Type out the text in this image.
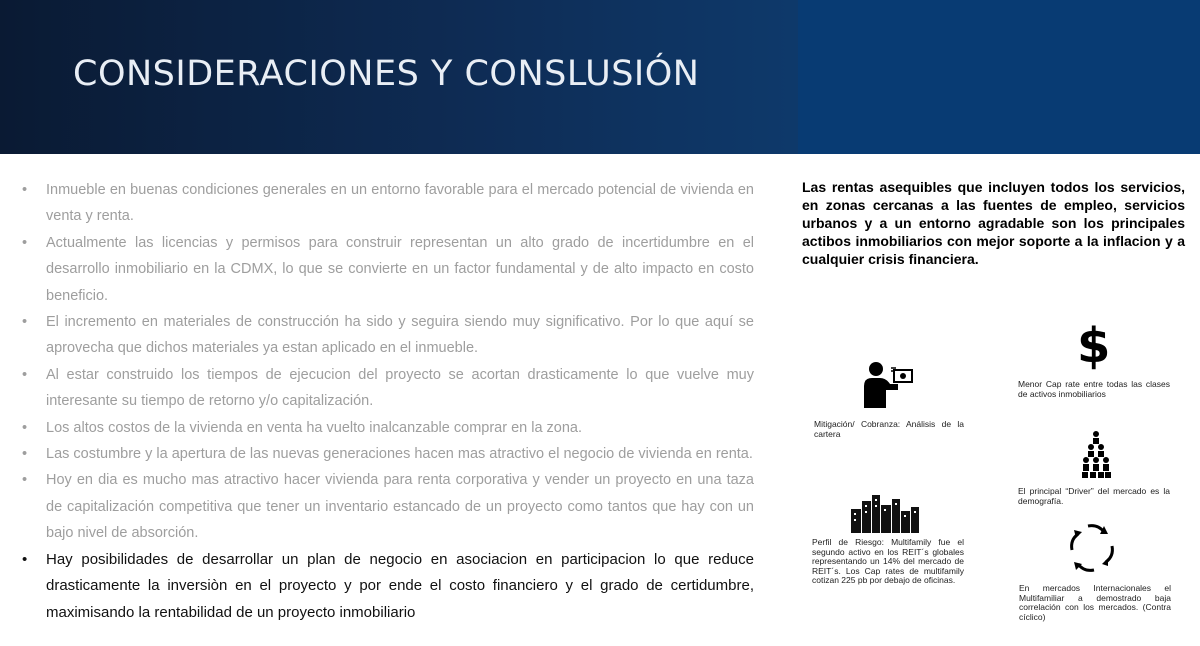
CONSIDERACIONES Y CONSLUSIÓN
• Inmueble en buenas condiciones generales en un entorno favorable para el mercado potencial de vivienda en venta y renta.
• Actualmente las licencias y permisos para construir representan un alto grado de incertidumbre en el desarrollo inmobiliario en la CDMX, lo que se convierte en un factor fundamental y de alto impacto en costo beneficio.
• El incremento en materiales de construcción ha sido y seguira siendo muy significativo. Por lo que aquí se aprovecha que dichos materiales ya estan aplicado en el inmueble.
• Al estar construido los tiempos de ejecucion del proyecto se acortan drasticamente lo que vuelve muy interesante su tiempo de retorno y/o capitalización.
• Los altos costos de la vivienda en venta ha vuelto inalcanzable comprar en la zona.
• Las costumbre y la apertura de las nuevas generaciones hacen mas atractivo el negocio de vivienda en renta.
• Hoy en dia es mucho mas atractivo hacer vivienda para renta corporativa y vender un proyecto en una taza de capitalización competitiva que tener un inventario estancado de un proyecto como tantos que hay con un bajo nivel de absorción.
• Hay posibilidades de desarrollar un plan de negocio en asociacion en participacion lo que reduce drasticamente la inversiòn en el proyecto y por ende el costo financiero y el grado de certidumbre, maximisando la rentabilidad de un proyecto inmobiliario

Las rentas asequibles que incluyen todos los servicios, en zonas cercanas a las fuentes de empleo, servicios urbanos y a un entorno agradable son los principales actibos inmobiliarios con mejor soporte a la inflacion y a cualquier crisis financiera.

$

Menor Cap rate entre todas las clases de activos inmobiliarios

Mitigación/ Cobranza: Análisis de la cartera

El principal “Driver” del mercado es la demografía.

Perfil de Riesgo: Multifamily fue el segundo activo en los REIT´s globales representando un 14% del mercado de REIT´s. Los Cap rates de multifamily cotizan 225 pb por debajo de oficinas.

En mercados Internacionales el Multifamiliar a demostrado baja correlación con los mercados. (Contra cíclico)
